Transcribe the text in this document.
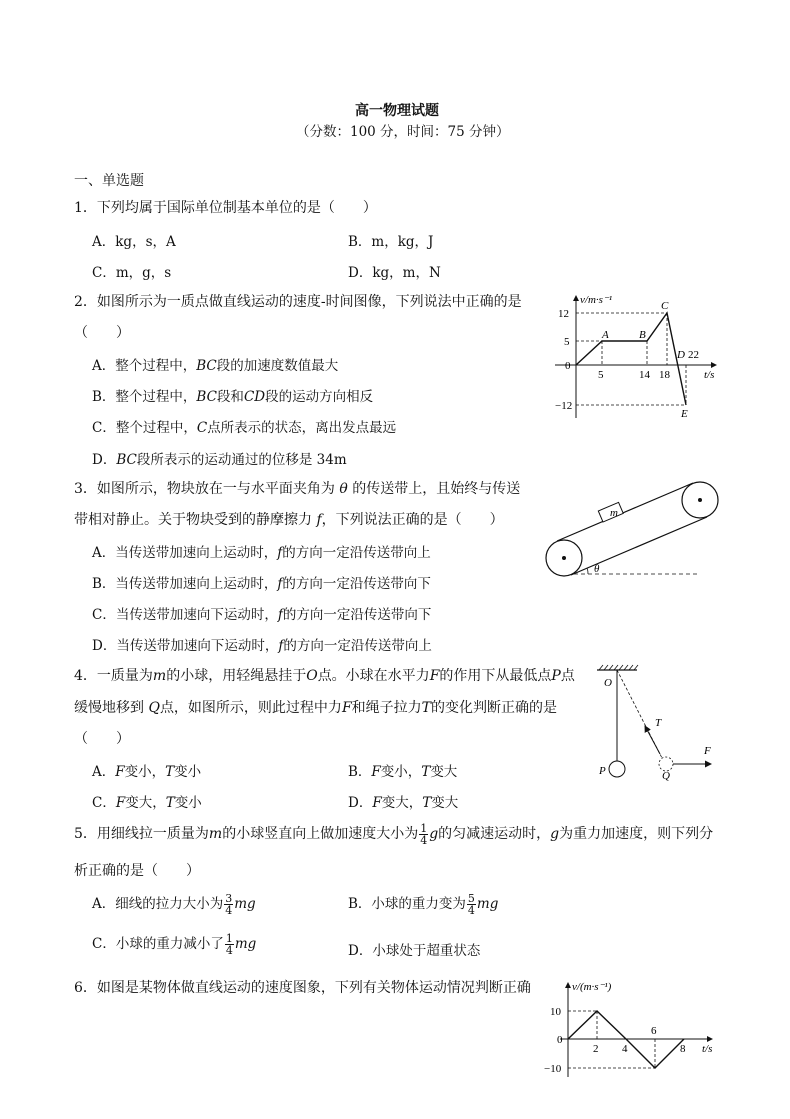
高一物理试题
（分数：100 分，时间：75 分钟）
一、单选题
1．下列均属于国际单位制基本单位的是（　　）
A．kg，s，A	B．m，kg，J
C．m，g，s	D．kg，m，N
2．如图所示为一质点做直线运动的速度-时间图像，下列说法中正确的是
（　　）
A．整个过程中，BC段的加速度数值最大
B．整个过程中，BC段和CD段的运动方向相反
C．整个过程中，C点所表示的状态，离出发点最远
D．BC段所表示的运动通过的位移是 34m
v/m·s⁻¹
t/s
12
5
0
−12
5	14 18
22
A	B
C
D
E
3．如图所示，物块放在一与水平面夹角为 θ 的传送带上，且始终与传送
带相对静止。关于物块受到的静摩擦力 f，下列说法正确的是（　　）
A．当传送带加速向上运动时，f的方向一定沿传送带向上
B．当传送带加速向上运动时，f的方向一定沿传送带向下
C．当传送带加速向下运动时，f的方向一定沿传送带向下
D．当传送带加速向下运动时，f的方向一定沿传送带向上
m
θ
4．一质量为m的小球，用轻绳悬挂于O点。小球在水平力F的作用下从最低点P点
缓慢地移到 Q点，如图所示，则此过程中力F和绳子拉力T的变化判断正确的是
（　　）
A．F变小，T变小	B．F变小，T变大
C．F变大，T变小	D．F变大，T变大
O
P
T
F
Q
5．用细线拉一质量为m的小球竖直向上做加速度大小为 $\frac{1}{4}$ g的匀减速运动时，g为重力加速度，则下列分
析正确的是（　　）
A．细线的拉力大小为 $\frac{3}{4}$ mg	B．小球的重力变为 $\frac{5}{4}$ mg
C．小球的重力减小了 $\frac{1}{4}$ mg	D．小球处于超重状态
6．如图是某物体做直线运动的速度图象，下列有关物体运动情况判断正确	v/(m·s⁻¹)
t/s
10
0
−10
2 4
6
8
